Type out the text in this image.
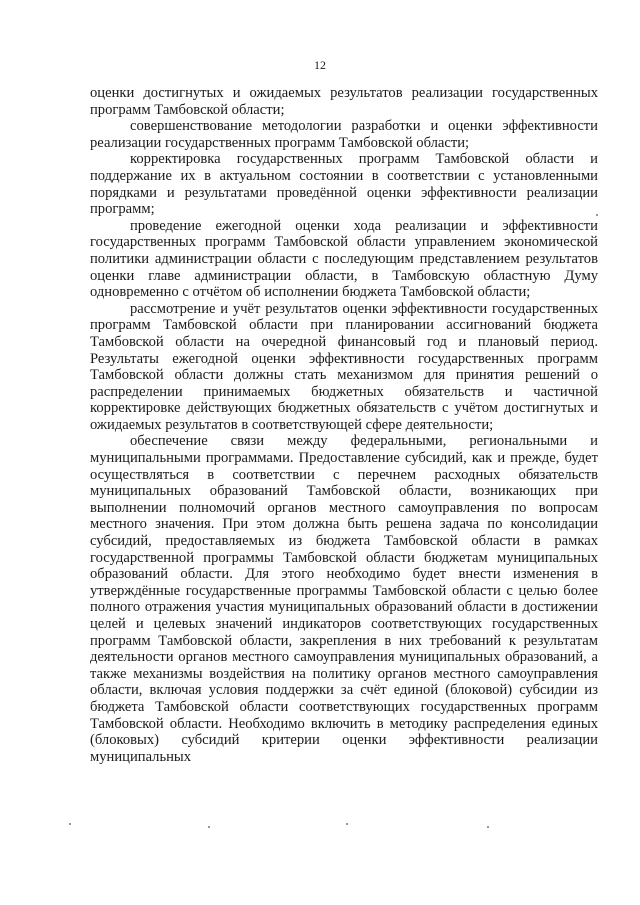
12

оценки достигнутых и ожидаемых результатов реализации государственных программ Тамбовской области;

совершенствование методологии разработки и оценки эффективности реализации государственных программ Тамбовской области;

корректировка государственных программ Тамбовской области и поддержание их в актуальном состоянии в соответствии с установленными порядками и результатами проведённой оценки эффективности реализации программ;

проведение ежегодной оценки хода реализации и эффективности государственных программ Тамбовской области управлением экономической политики администрации области с последующим представлением результатов оценки главе администрации области, в Тамбовскую областную Думу одновременно с отчётом об исполнении бюджета Тамбовской области;

рассмотрение и учёт результатов оценки эффективности государственных программ Тамбовской области при планировании ассигнований бюджета Тамбовской области на очередной финансовый год и плановый период. Результаты ежегодной оценки эффективности государственных программ Тамбовской области должны стать механизмом для принятия решений о распределении принимаемых бюджетных обязательств и частичной корректировке действующих бюджетных обязательств с учётом достигнутых и ожидаемых результатов в соответствующей сфере деятельности;

обеспечение связи между федеральными, региональными и муниципальными программами. Предоставление субсидий, как и прежде, будет осуществляться в соответствии с перечнем расходных обязательств муниципальных образований Тамбовской области, возникающих при выполнении полномочий органов местного самоуправления по вопросам местного значения. При этом должна быть решена задача по консолидации субсидий, предоставляемых из бюджета Тамбовской области в рамках государственной программы Тамбовской области бюджетам муниципальных образований области. Для этого необходимо будет внести изменения в утверждённые государственные программы Тамбовской области с целью более полного отражения участия муниципальных образований области в достижении целей и целевых значений индикаторов соответствующих государственных программ Тамбовской области, закрепления в них требований к результатам деятельности органов местного самоуправления муниципальных образований, а также механизмы воздействия на политику органов местного самоуправления области, включая условия поддержки за счёт единой (блоковой) субсидии из бюджета Тамбовской области соответствующих государственных программ Тамбовской области. Необходимо включить в методику распределения единых (блоковых) субсидий критерии оценки эффективности реализации муниципальных
